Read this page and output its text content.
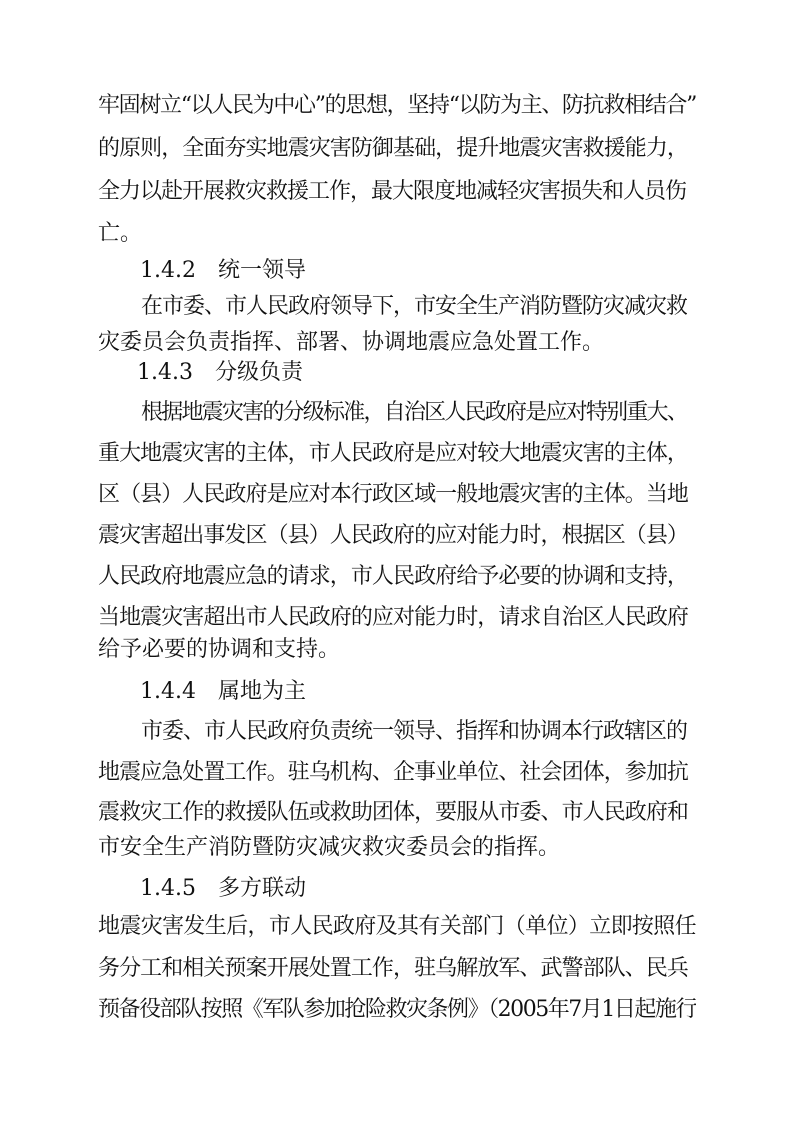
牢固树立“以人民为中心”的思想，坚持“以防为主、防抗救相结合”
的原则，全面夯实地震灾害防御基础，提升地震灾害救援能力，
全力以赴开展救灾救援工作，最大限度地减轻灾害损失和人员伤
亡。
1.4.2　统一领导
在市委、市人民政府领导下，市安全生产消防暨防灾减灾救
灾委员会负责指挥、部署、协调地震应急处置工作。
1.4.3　分级负责
根据地震灾害的分级标准，自治区人民政府是应对特别重大、
重大地震灾害的主体，市人民政府是应对较大地震灾害的主体，
区（县）人民政府是应对本行政区域一般地震灾害的主体。当地
震灾害超出事发区（县）人民政府的应对能力时，根据区（县）
人民政府地震应急的请求，市人民政府给予必要的协调和支持，
当地震灾害超出市人民政府的应对能力时，请求自治区人民政府
给予必要的协调和支持。
1.4.4　属地为主
市委、市人民政府负责统一领导、指挥和协调本行政辖区的
地震应急处置工作。驻乌机构、企事业单位、社会团体，参加抗
震救灾工作的救援队伍或救助团体，要服从市委、市人民政府和
市安全生产消防暨防灾减灾救灾委员会的指挥。
1.4.5　多方联动
地震灾害发生后，市人民政府及其有关部门（单位）立即按照任
务分工和相关预案开展处置工作，驻乌解放军、武警部队、民兵
预备役部队按照《军队参加抢险救灾条例》（2005年7月1日起施行
